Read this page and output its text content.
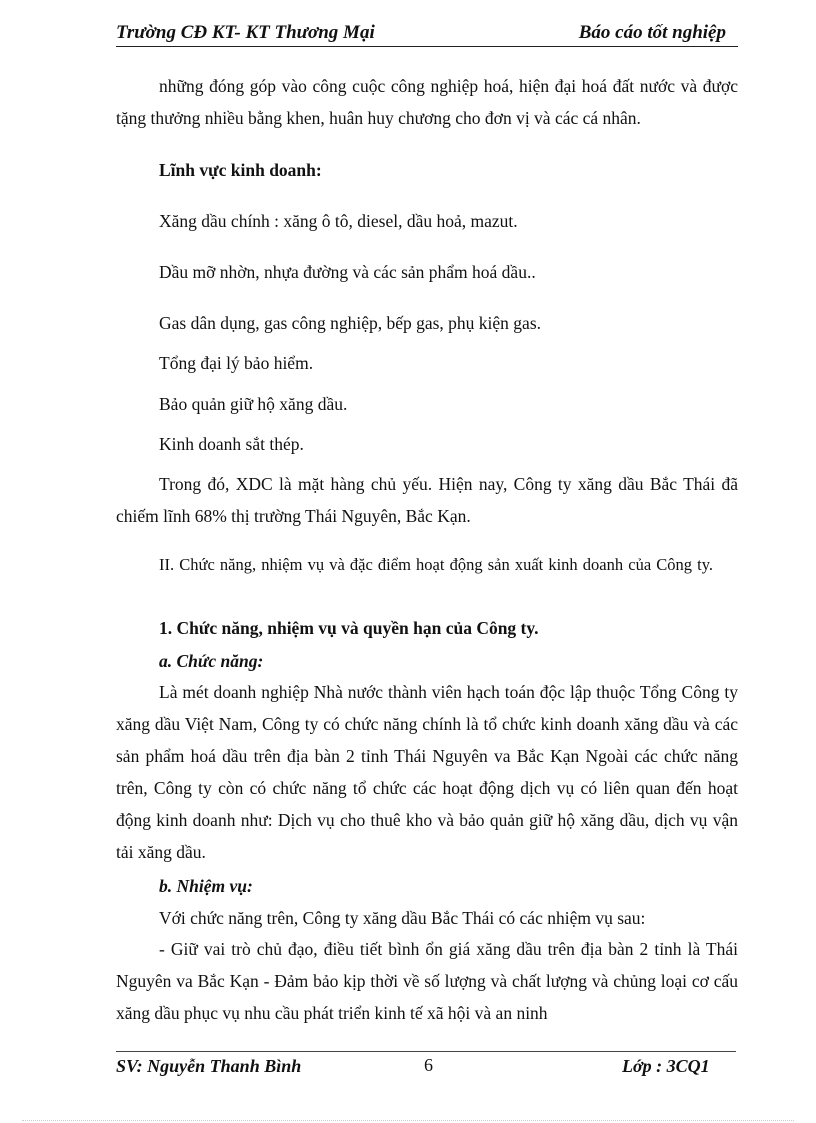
Trường CĐ KT- KT Thương Mại	Báo cáo tốt nghiệp

những đóng góp vào công cuộc công nghiệp hoá, hiện đại hoá đất nước và được tặng thưởng nhiều bằng khen, huân huy chương cho đơn vị và các cá nhân.

Lĩnh vực kinh doanh:

Xăng dầu chính : xăng ô tô, diesel, dầu hoả, mazut.

Dầu mỡ nhờn, nhựa đường và các sản phẩm hoá dầu..

Gas dân dụng, gas công nghiệp, bếp gas, phụ kiện gas.

Tổng đại lý bảo hiểm.

Bảo quản giữ hộ xăng dầu.

Kinh doanh sắt thép.

Trong đó, XDC là mặt hàng chủ yếu. Hiện nay, Công ty xăng dầu Bắc Thái đã chiếm lĩnh 68% thị trường Thái Nguyên, Bắc Kạn.

II. Chức năng, nhiệm vụ và đặc điểm hoạt động sản xuất kinh doanh của Công ty.

1. Chức năng, nhiệm vụ và quyền hạn của Công ty.

a. Chức năng:

Là mét doanh nghiệp Nhà nước thành viên hạch toán độc lập thuộc Tổng Công ty xăng dầu Việt Nam, Công ty có chức năng chính là tổ chức kinh doanh xăng dầu và các sản phẩm hoá dầu trên địa bàn 2 tỉnh Thái Nguyên va Bắc Kạn Ngoài các chức năng trên, Công ty còn có chức năng tổ chức các hoạt động dịch vụ có liên quan đến hoạt động kinh doanh như: Dịch vụ cho thuê kho và bảo quản giữ hộ xăng dầu, dịch vụ vận tải xăng dầu.

b. Nhiệm vụ:

Với chức năng trên, Công ty xăng dầu Bắc Thái có các nhiệm vụ sau:

- Giữ vai trò chủ đạo, điều tiết bình ổn giá xăng dầu trên địa bàn 2 tỉnh là Thái Nguyên va Bắc Kạn - Đảm bảo kịp thời về số lượng và chất lượng và chủng loại cơ cấu xăng dầu phục vụ nhu cầu phát triển kinh tế xã hội và an ninh

SV: Nguyễn Thanh Bình	6	Lớp : 3CQ1
